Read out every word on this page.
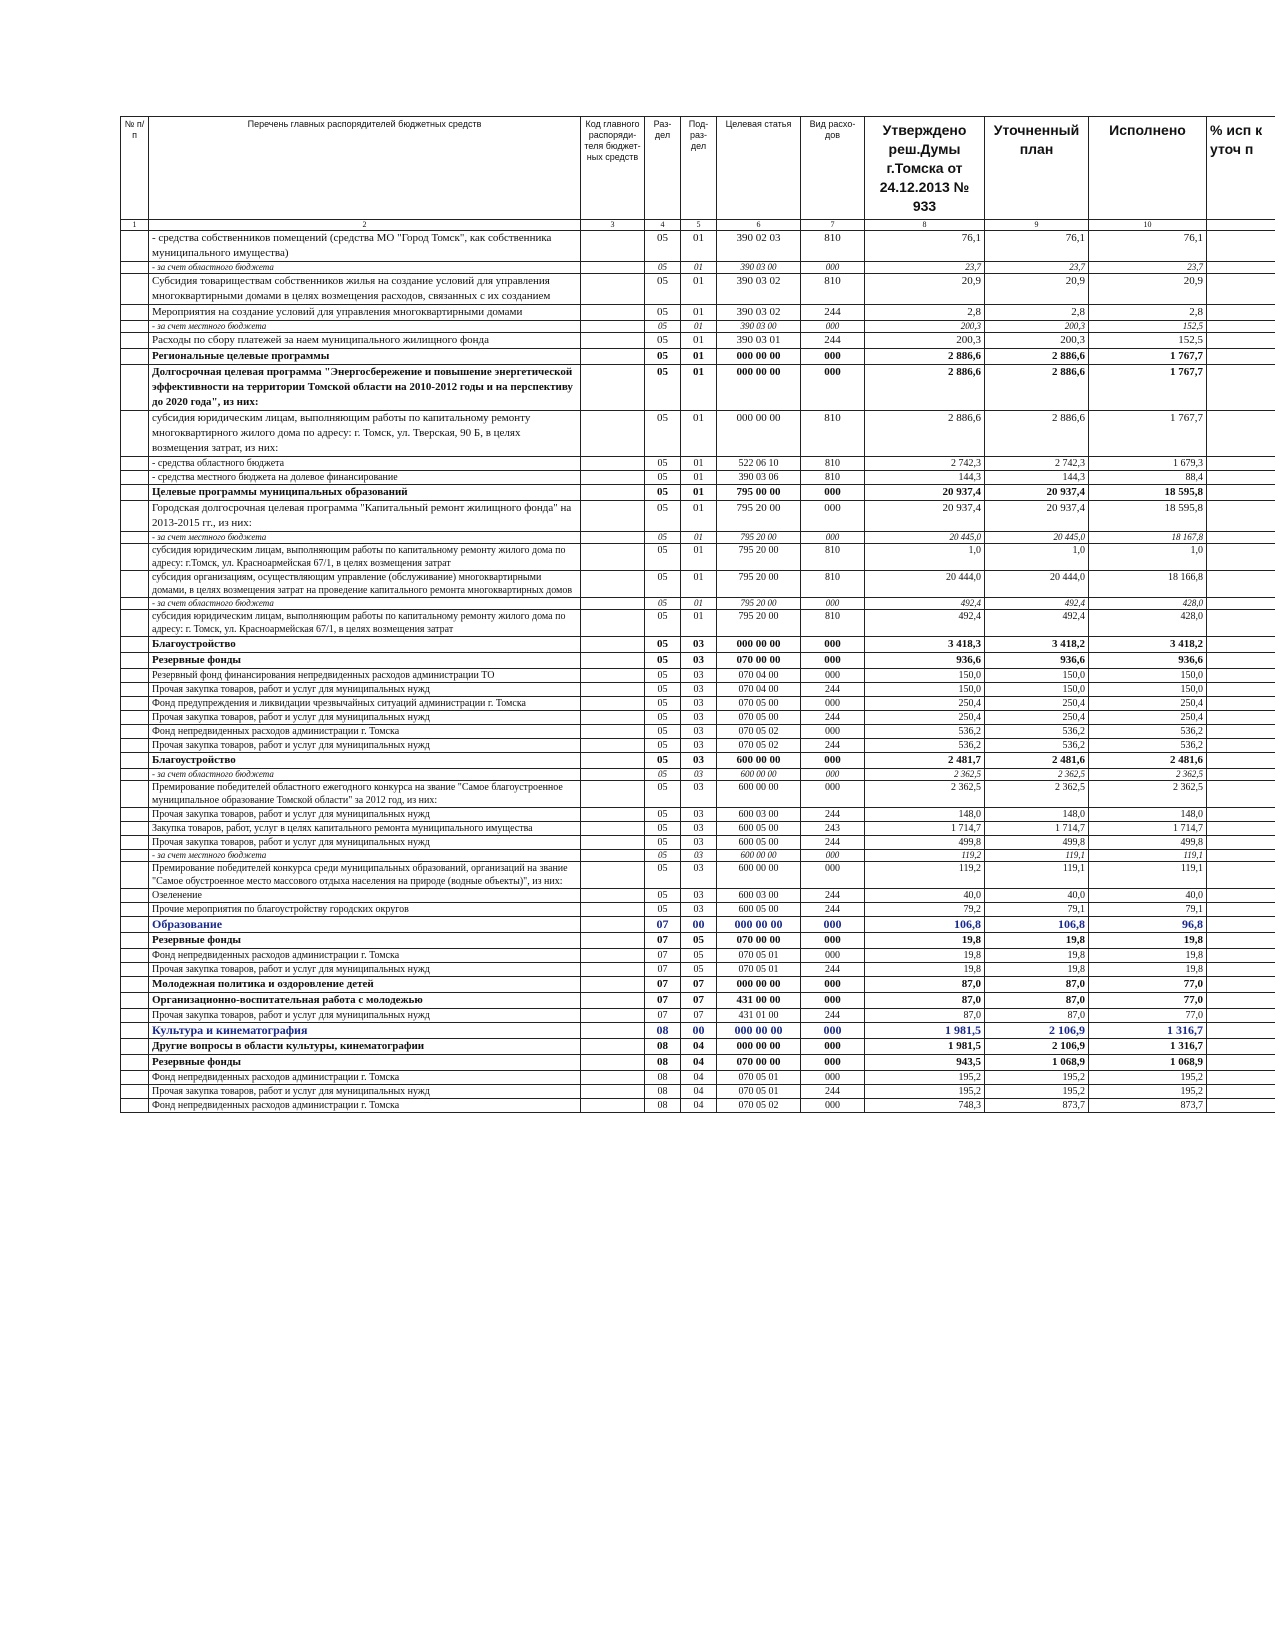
№ п/п	Перечень главных распорядителей бюджетных средств	Код главного распоряди-теля бюджет-ных средств	Раз-дел	Под-раз-дел	Целевая статья	Вид расхо-дов	Утверждено реш.Думы г.Томска от 24.12.2013 № 933	Уточненный план	Исполнено	% исп к уточ п
1	2	3	4	5	6	7	8	9	10	
	- средства собственников помещений (средства МО "Город Томск", как собственника муниципального имущества)		05	01	390 02 03	810	76,1	76,1	76,1	
	- за счет областного бюджета		05	01	390 03 00	000	23,7	23,7	23,7	
	Субсидия товариществам собственников жилья на создание условий для управления многоквартирными домами в целях возмещения расходов, связанных с их созданием		05	01	390 03 02	810	20,9	20,9	20,9	
	Мероприятия на создание условий для управления многоквартирными домами		05	01	390 03 02	244	2,8	2,8	2,8	
	- за счет местного бюджета		05	01	390 03 00	000	200,3	200,3	152,5	
	Расходы по сбору платежей за наем муниципального жилищного фонда		05	01	390 03 01	244	200,3	200,3	152,5	
	Региональные целевые программы		05	01	000 00 00	000	2 886,6	2 886,6	1 767,7	
	Долгосрочная целевая программа "Энергосбережение и повышение энергетической эффективности на территории Томской области на 2010-2012 годы и на перспективу до 2020 года", из них:		05	01	000 00 00	000	2 886,6	2 886,6	1 767,7	
	субсидия юридическим лицам, выполняющим работы по капитальному ремонту многоквартирного жилого дома по адресу: г. Томск, ул. Тверская, 90 Б, в целях возмещения затрат, из них:		05	01	000 00 00	810	2 886,6	2 886,6	1 767,7	
	- средства областного бюджета		05	01	522 06 10	810	2 742,3	2 742,3	1 679,3	
	- средства местного бюджета на долевое финансирование		05	01	390 03 06	810	144,3	144,3	88,4	
	Целевые программы муниципальных образований		05	01	795 00 00	000	20 937,4	20 937,4	18 595,8	
	Городская долгосрочная целевая программа "Капитальный ремонт жилищного фонда" на 2013-2015 гг., из них:		05	01	795 20 00	000	20 937,4	20 937,4	18 595,8	
	- за счет местного бюджета		05	01	795 20 00	000	20 445,0	20 445,0	18 167,8	
	субсидия юридическим лицам, выполняющим работы по капитальному ремонту жилого дома по адресу: г.Томск, ул. Красноармейская 67/1, в целях возмещения затрат		05	01	795 20 00	810	1,0	1,0	1,0	
	субсидия организациям, осуществляющим управление (обслуживание) многоквартирными домами, в целях возмещения затрат на проведение капитального ремонта многоквартирных домов		05	01	795 20 00	810	20 444,0	20 444,0	18 166,8	
	- за счет областного бюджета		05	01	795 20 00	000	492,4	492,4	428,0	
	субсидия юридическим лицам, выполняющим работы по капитальному ремонту жилого дома по адресу: г. Томск, ул. Красноармейская 67/1, в целях возмещения затрат		05	01	795 20 00	810	492,4	492,4	428,0	
	Благоустройство		05	03	000 00 00	000	3 418,3	3 418,2	3 418,2	
	Резервные фонды		05	03	070 00 00	000	936,6	936,6	936,6	
	Резервный фонд финансирования непредвиденных расходов администрации ТО		05	03	070 04 00	000	150,0	150,0	150,0	
	Прочая закупка товаров, работ и услуг для муниципальных нужд		05	03	070 04 00	244	150,0	150,0	150,0	
	Фонд предупреждения и ликвидации чрезвычайных ситуаций администрации г. Томска		05	03	070 05 00	000	250,4	250,4	250,4	
	Прочая закупка товаров, работ и услуг для муниципальных нужд		05	03	070 05 00	244	250,4	250,4	250,4	
	Фонд непредвиденных расходов администрации г. Томска		05	03	070 05 02	000	536,2	536,2	536,2	
	Прочая закупка товаров, работ и услуг для муниципальных нужд		05	03	070 05 02	244	536,2	536,2	536,2	
	Благоустройство		05	03	600 00 00	000	2 481,7	2 481,6	2 481,6	
	- за счет областного бюджета		05	03	600 00 00	000	2 362,5	2 362,5	2 362,5	
	Премирование победителей областного ежегодного конкурса на звание "Самое благоустроенное муниципальное образование Томской области" за 2012 год, из них:		05	03	600 00 00	000	2 362,5	2 362,5	2 362,5	
	Прочая закупка товаров, работ и услуг для муниципальных нужд		05	03	600 03 00	244	148,0	148,0	148,0	
	Закупка товаров, работ, услуг в целях капитального ремонта муниципального имущества		05	03	600 05 00	243	1 714,7	1 714,7	1 714,7	
	Прочая закупка товаров, работ и услуг для муниципальных нужд		05	03	600 05 00	244	499,8	499,8	499,8	
	- за счет местного бюджета		05	03	600 00 00	000	119,2	119,1	119,1	
	Премирование победителей конкурса среди муниципальных образований, организаций на звание "Самое обустроенное место массового отдыха населения на природе (водные объекты)", из них:		05	03	600 00 00	000	119,2	119,1	119,1	
	Озеленение		05	03	600 03 00	244	40,0	40,0	40,0	
	Прочие мероприятия по благоустройству городских округов		05	03	600 05 00	244	79,2	79,1	79,1	
	Образование		07	00	000 00 00	000	106,8	106,8	96,8	
	Резервные фонды		07	05	070 00 00	000	19,8	19,8	19,8	
	Фонд непредвиденных расходов администрации г. Томска		07	05	070 05 01	000	19,8	19,8	19,8	
	Прочая закупка товаров, работ и услуг для муниципальных нужд		07	05	070 05 01	244	19,8	19,8	19,8	
	Молодежная политика и оздоровление детей		07	07	000 00 00	000	87,0	87,0	77,0	
	Организационно-воспитательная работа с молодежью		07	07	431 00 00	000	87,0	87,0	77,0	
	Прочая закупка товаров, работ и услуг для муниципальных нужд		07	07	431 01 00	244	87,0	87,0	77,0	
	Культура и кинематография		08	00	000 00 00	000	1 981,5	2 106,9	1 316,7	
	Другие вопросы в области культуры, кинематографии		08	04	000 00 00	000	1 981,5	2 106,9	1 316,7	
	Резервные фонды		08	04	070 00 00	000	943,5	1 068,9	1 068,9	
	Фонд непредвиденных расходов администрации г. Томска		08	04	070 05 01	000	195,2	195,2	195,2	
	Прочая закупка товаров, работ и услуг для муниципальных нужд		08	04	070 05 01	244	195,2	195,2	195,2	
	Фонд непредвиденных расходов администрации г. Томска		08	04	070 05 02	000	748,3	873,7	873,7	
